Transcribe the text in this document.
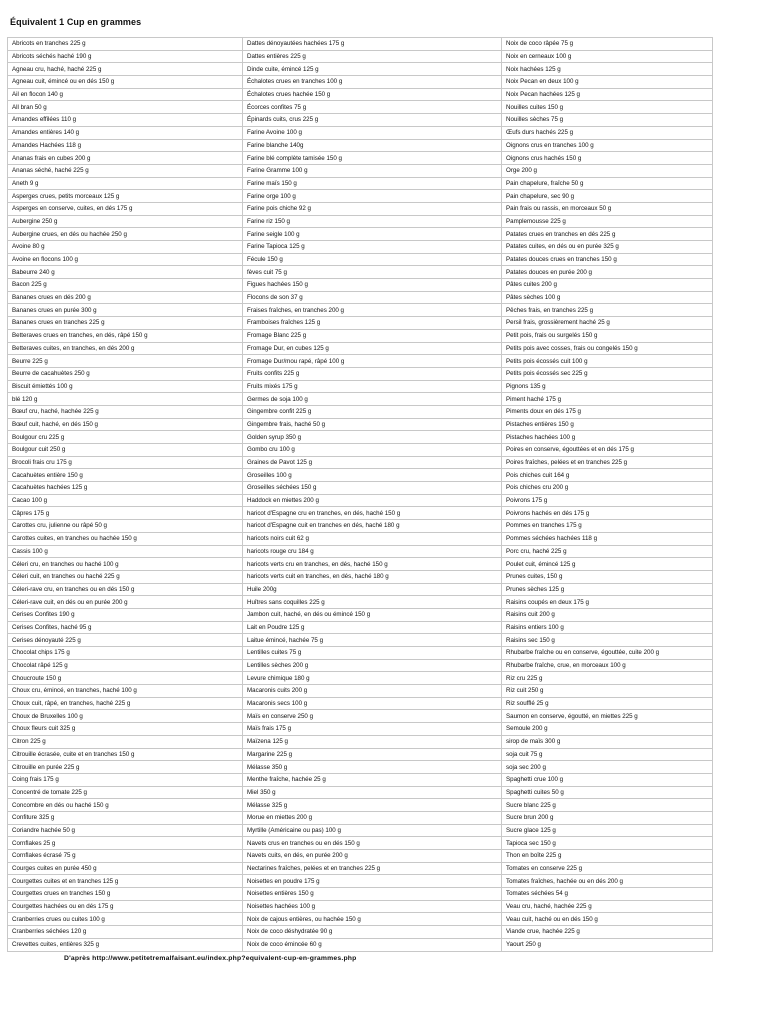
Équivalent 1 Cup en grammes
Abricots en tranches 225 g	Dattes dénoyautées hachées 175 g	Noix de coco râpée 75 g
Abricots séchés haché 190 g	Dattes entières 225 g	Noix en cerneaux 100 g
Agneau cru, haché, haché 225 g	Dinde cuite, émincé 125 g	Noix hachées 125 g
Agneau cuit, émincé ou en dés 150 g	Échalotes crues en tranches 100 g	Noix Pecan en deux 100 g
Ail en flocon 140 g	Échalotes crues hachée 150 g	Noix Pecan hachées 125 g
All bran 50 g	Écorces confites 75 g	Nouilles cuites 150 g
Amandes effilées 110 g	Épinards cuits, crus 225 g	Nouilles sèches 75 g
Amandes entières 140 g	Farine Avoine 100 g	Œufs durs hachés 225 g
Amandes Hachées 118 g	Farine blanche 140g	Oignons crus en tranches 100 g
Ananas frais en cubes 200 g	Farine blé complète tamisée 150 g	Oignons crus hachés 150 g
Ananas séché, haché 225 g	Farine Gramme 100 g	Orge 200 g
Aneth 9 g	Farine maïs 150 g	Pain chapelure, fraîche 50 g
Asperges crues, petits morceaux 125 g	Farine orge 100 g	Pain chapelure, sec 90 g
Asperges en conserve, cuites, en dés 175 g	Farine pois chiche 92 g	Pain frais ou rassis, en morceaux 50 g
Aubergine 250 g	Farine riz 150 g	Pamplemousse 225 g
Aubergine crues, en dés ou hachée 250 g	Farine seigle 100 g	Patates crues en tranches en dés 225 g
Avoine 80 g	Farine Tapioca 125 g	Patates cuites, en dés ou en purée 325 g
Avoine en flocons 100 g	Fécule 150 g	Patates douces crues en tranches 150 g
Babeurre 240 g	fèves cuit 75 g	Patates douces en purée 200 g
Bacon 225 g	Figues hachées 150 g	Pâtes cuites 200 g
Bananes crues en dés 200 g	Flocons de son 37 g	Pâtes sèches 100 g
Bananes crues en purée 300 g	Fraises fraîches, en tranches 200 g	Pêches frais, en tranches 225 g
Bananes crues en tranches 225 g	Framboises fraîches 125 g	Persil frais, grossièrement haché 25 g
Betteraves crues en tranches, en dés, râpé 150 g	Fromage Blanc 225 g	Petit pois, frais ou surgelés 150 g
Betteraves cuites, en tranches, en dés 200 g	Fromage Dur, en cubes 125 g	Petits pois avec cosses, frais ou congelés 150 g
Beurre 225 g	Fromage Dur/mou rapé, râpé 100 g	Petits pois écossés cuit 100 g
Beurre de cacahuètes 250 g	Fruits confits 225 g	Petits pois écossés sec 225 g
Biscuit émiettés 100 g	Fruits mixés 175 g	Pignons 135 g
blé 120 g	Germes de soja 100 g	Piment haché 175 g
Bœuf cru, haché, hachée 225 g	Gingembre confit 225 g	Piments doux en dés 175 g
Bœuf cuit, haché, en dés 150 g	Gingembre frais, haché 50 g	Pistaches entières 150 g
Boulgour cru 225 g	Golden syrup 350 g	Pistaches hachées 100 g
Boulgour cuit 250 g	Gombo cru 100 g	Poires en conserve, égouttées et en dés 175 g
Brocoli frais cru 175 g	Graines de Pavot 125 g	Poires fraîches, pelées et en tranches 225 g
Cacahuètes entière 150 g	Groseilles 100 g	Pois chiches cuit 164 g
Cacahuètes hachées 125 g	Groseilles séchées 150 g	Pois chiches cru 200 g
Cacao 100 g	Haddock en miettes 200 g	Poivrons 175 g
Câpres 175 g	haricot d'Espagne cru en tranches, en dés, haché 150 g	Poivrons hachés en dés 175 g
Carottes cru, julienne ou râpé 50 g	haricot d'Espagne cuit en tranches en dés, haché 180 g	Pommes en tranches 175 g
Carottes cuites, en tranches ou hachée 150 g	haricots noirs cuit 62 g	Pommes séchées hachées 118 g
Cassis 100 g	haricots rouge cru 184 g	Porc cru, haché 225 g
Céleri cru, en tranches ou haché 100 g	haricots verts cru en tranches, en dés, haché 150 g	Poulet cuit, émincé 125 g
Céleri cuit, en tranches ou haché 225 g	haricots verts cuit en tranches, en dés, haché 180 g	Prunes cuites, 150 g
Céleri-rave cru, en tranches ou en dés 150 g	Huile 200g	Prunes sèches 125 g
Céleri-rave cuit, en dés ou en purée 200 g	Huîtres sans coquilles 225 g	Raisins coupés en deux 175 g
Cerises Confites 190 g	Jambon cuit, haché, en dés ou émincé 150 g	Raisins cuit 200 g
Cerises Confites, haché 95 g	Lait en Poudre 125 g	Raisins entiers 100 g
Cerises dénoyauté 225 g	Laitue émincé, hachée 75 g	Raisins sec 150 g
Chocolat chips 175 g	Lentilles cuites 75 g	Rhubarbe fraîche ou en conserve, égouttée, cuite 200 g
Chocolat râpé 125 g	Lentilles sèches 200 g	Rhubarbe fraîche, crue, en morceaux 100 g
Choucroute 150 g	Levure chimique 180 g	Riz cru 225 g
Choux cru, émincé, en tranches, haché 100 g	Macaronis cuits 200 g	Riz cuit 250 g
Choux cuit, râpé, en tranches, haché 225 g	Macaronis secs 100 g	Riz soufflé 25 g
Choux de Bruxelles 100 g	Maïs en conserve 250 g	Saumon en conserve, égoutté, en miettes 225 g
Choux fleurs cuit 325 g	Maïs frais 175 g	Semoule 200 g
Citron 225 g	Maïzena 125 g	sirop de maïs 300 g
Citrouille écrasée, cuite et en tranches 150 g	Margarine 225 g	soja cuit 75 g
Citrouille en purée 225 g	Mélasse 350 g	soja sec 200 g
Coing frais 175 g	Menthe fraîche, hachée 25 g	Spaghetti crue 100 g
Concentré de tomate 225 g	Miel 350 g	Spaghetti cuites 50 g
Concombre en dés ou haché 150 g	Mélasse 325 g	Sucre blanc 225 g
Confiture 325 g	Morue en miettes 200 g	Sucre brun 200 g
Coriandre hachée 50 g	Myrtille (Américaine ou pas) 100 g	Sucre glace 125 g
Cornflakes 25 g	Navets crus en tranches ou en dés 150 g	Tapioca sec 150 g
Cornflakes écrasé 75 g	Navets cuits, en dés, en purée 200 g	Thon en boîte 225 g
Courges cuites en purée 450 g	Nectarines fraîches, pelées et en tranches 225 g	Tomates en conserve 225 g
Courgettes cuites et en tranches 125 g	Noisettes en poudre 175 g	Tomates fraîches, hachée ou en dés 200 g
Courgettes crues en tranches 150 g	Noisettes entières 150 g	Tomates séchées 54 g
Courgettes hachées ou en dés 175 g	Noisettes hachées 100 g	Veau cru, haché, hachée 225 g
Cranberries crues ou cuites 100 g	Noix de cajous entières, ou hachée 150 g	Veau cuit, haché ou en dés 150 g
Cranberries séchées 120 g	Noix de coco déshydratée 90 g	Viande crue, hachée 225 g
Crevettes cuites, entières 325 g	Noix de coco émincée 60 g	Yaourt 250 g
D'après http://www.petitetremalfaisant.eu/index.php?equivalent-cup-en-grammes.php
